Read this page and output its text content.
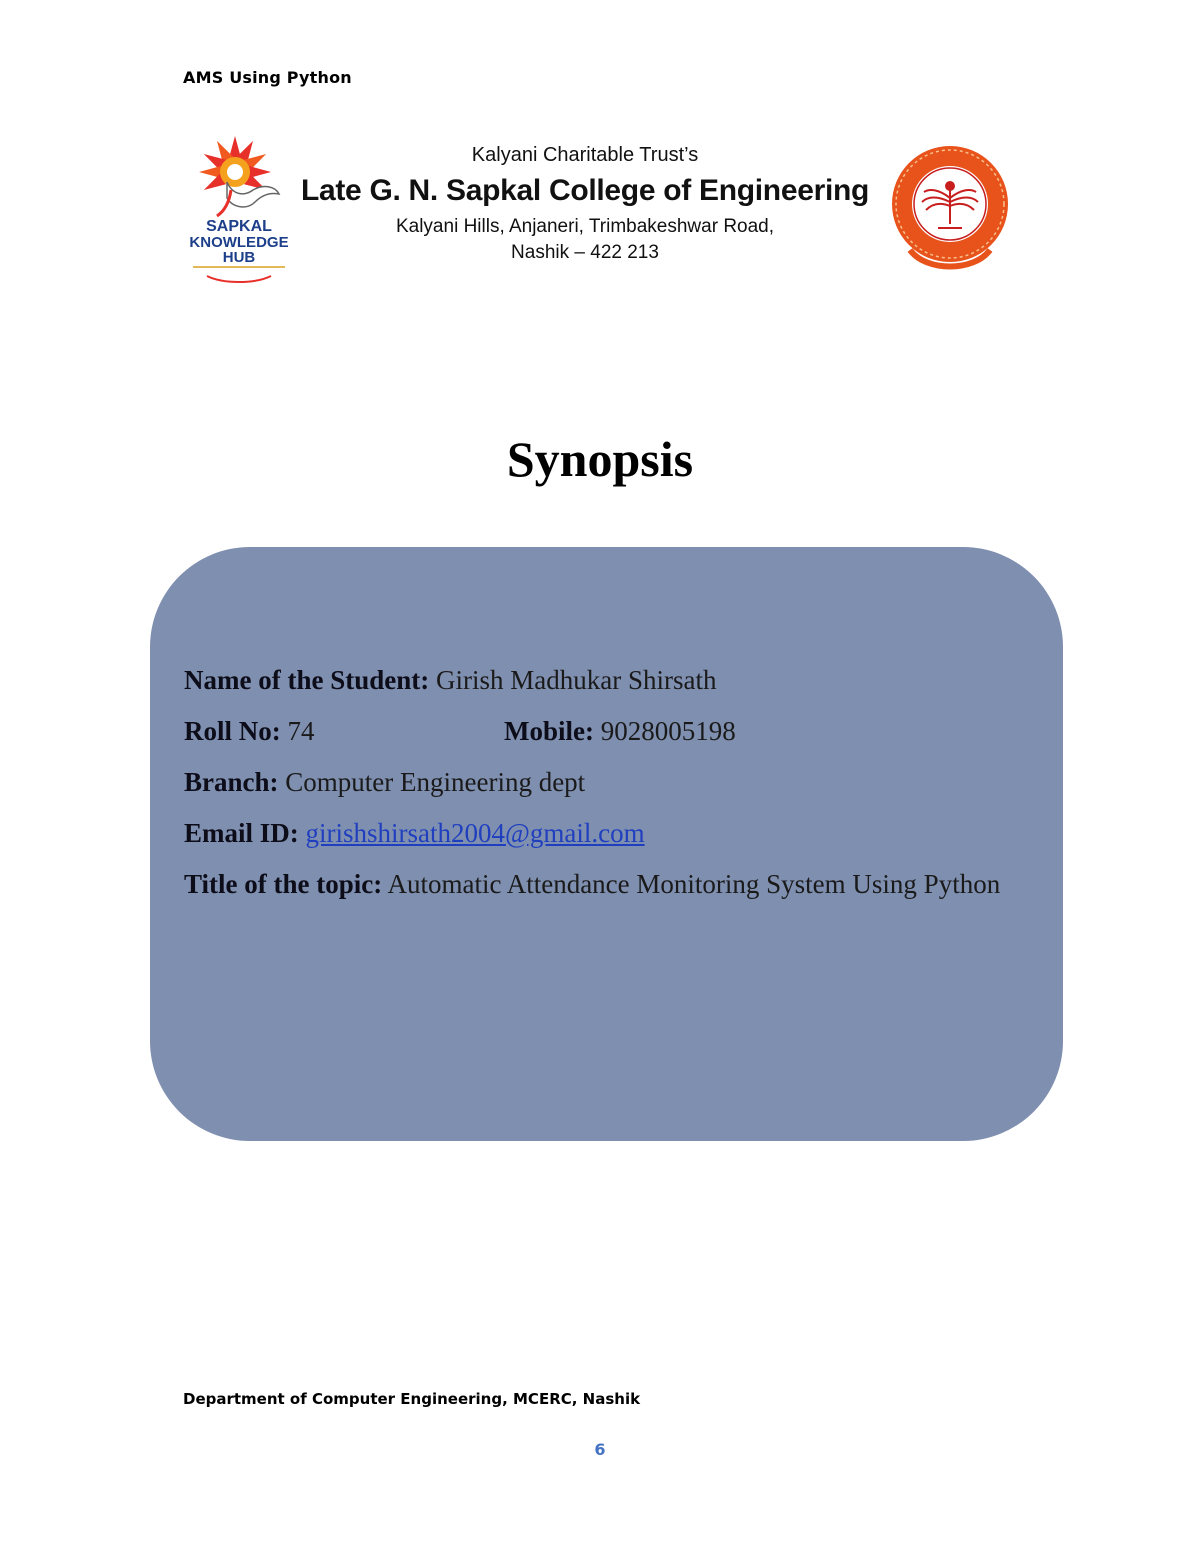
AMS Using Python
SAPKAL
KNOWLEDGE
HUB
Kalyani Charitable Trust’s
Late G. N. Sapkal College of Engineering
Kalyani Hills, Anjaneri, Trimbakeshwar Road,
Nashik – 422 213
Synopsis
Name of the Student: Girish Madhukar Shirsath
Roll No: 74	Mobile: 9028005198
Branch: Computer Engineering dept
Email ID: girishshirsath2004@gmail.com
Title of the topic: Automatic Attendance Monitoring System Using Python
Department of Computer Engineering, MCERC, Nashik
6
